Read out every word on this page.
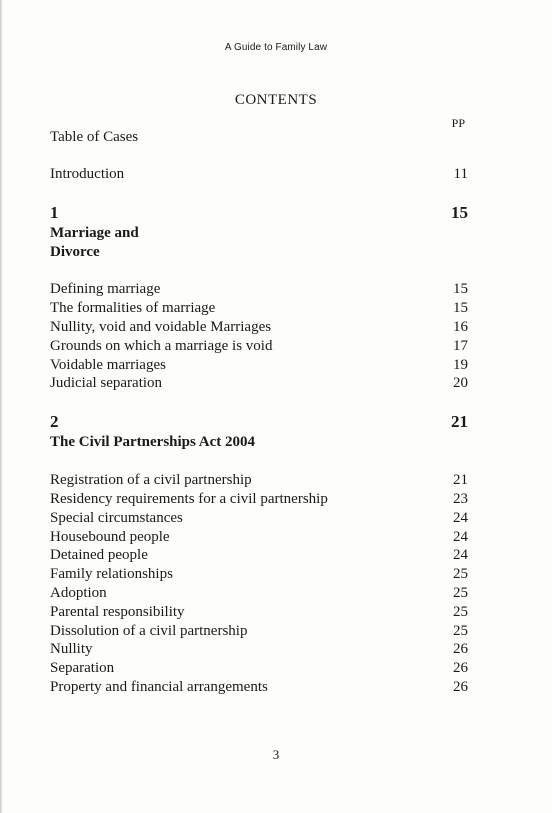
A Guide to Family Law
CONTENTS
PP
Table of Cases
Introduction	11
1	15
Marriage and
Divorce
Defining marriage	15
The formalities of marriage	15
Nullity, void and voidable Marriages	16
Grounds on which a marriage is void	17
Voidable marriages	19
Judicial separation	20
2	21
The Civil Partnerships Act 2004
Registration of a civil partnership	21
Residency requirements for a civil partnership	23
Special circumstances	24
Housebound people	24
Detained people	24
Family relationships	25
Adoption	25
Parental responsibility	25
Dissolution of a civil partnership	25
Nullity	26
Separation	26
Property and financial arrangements	26
3
